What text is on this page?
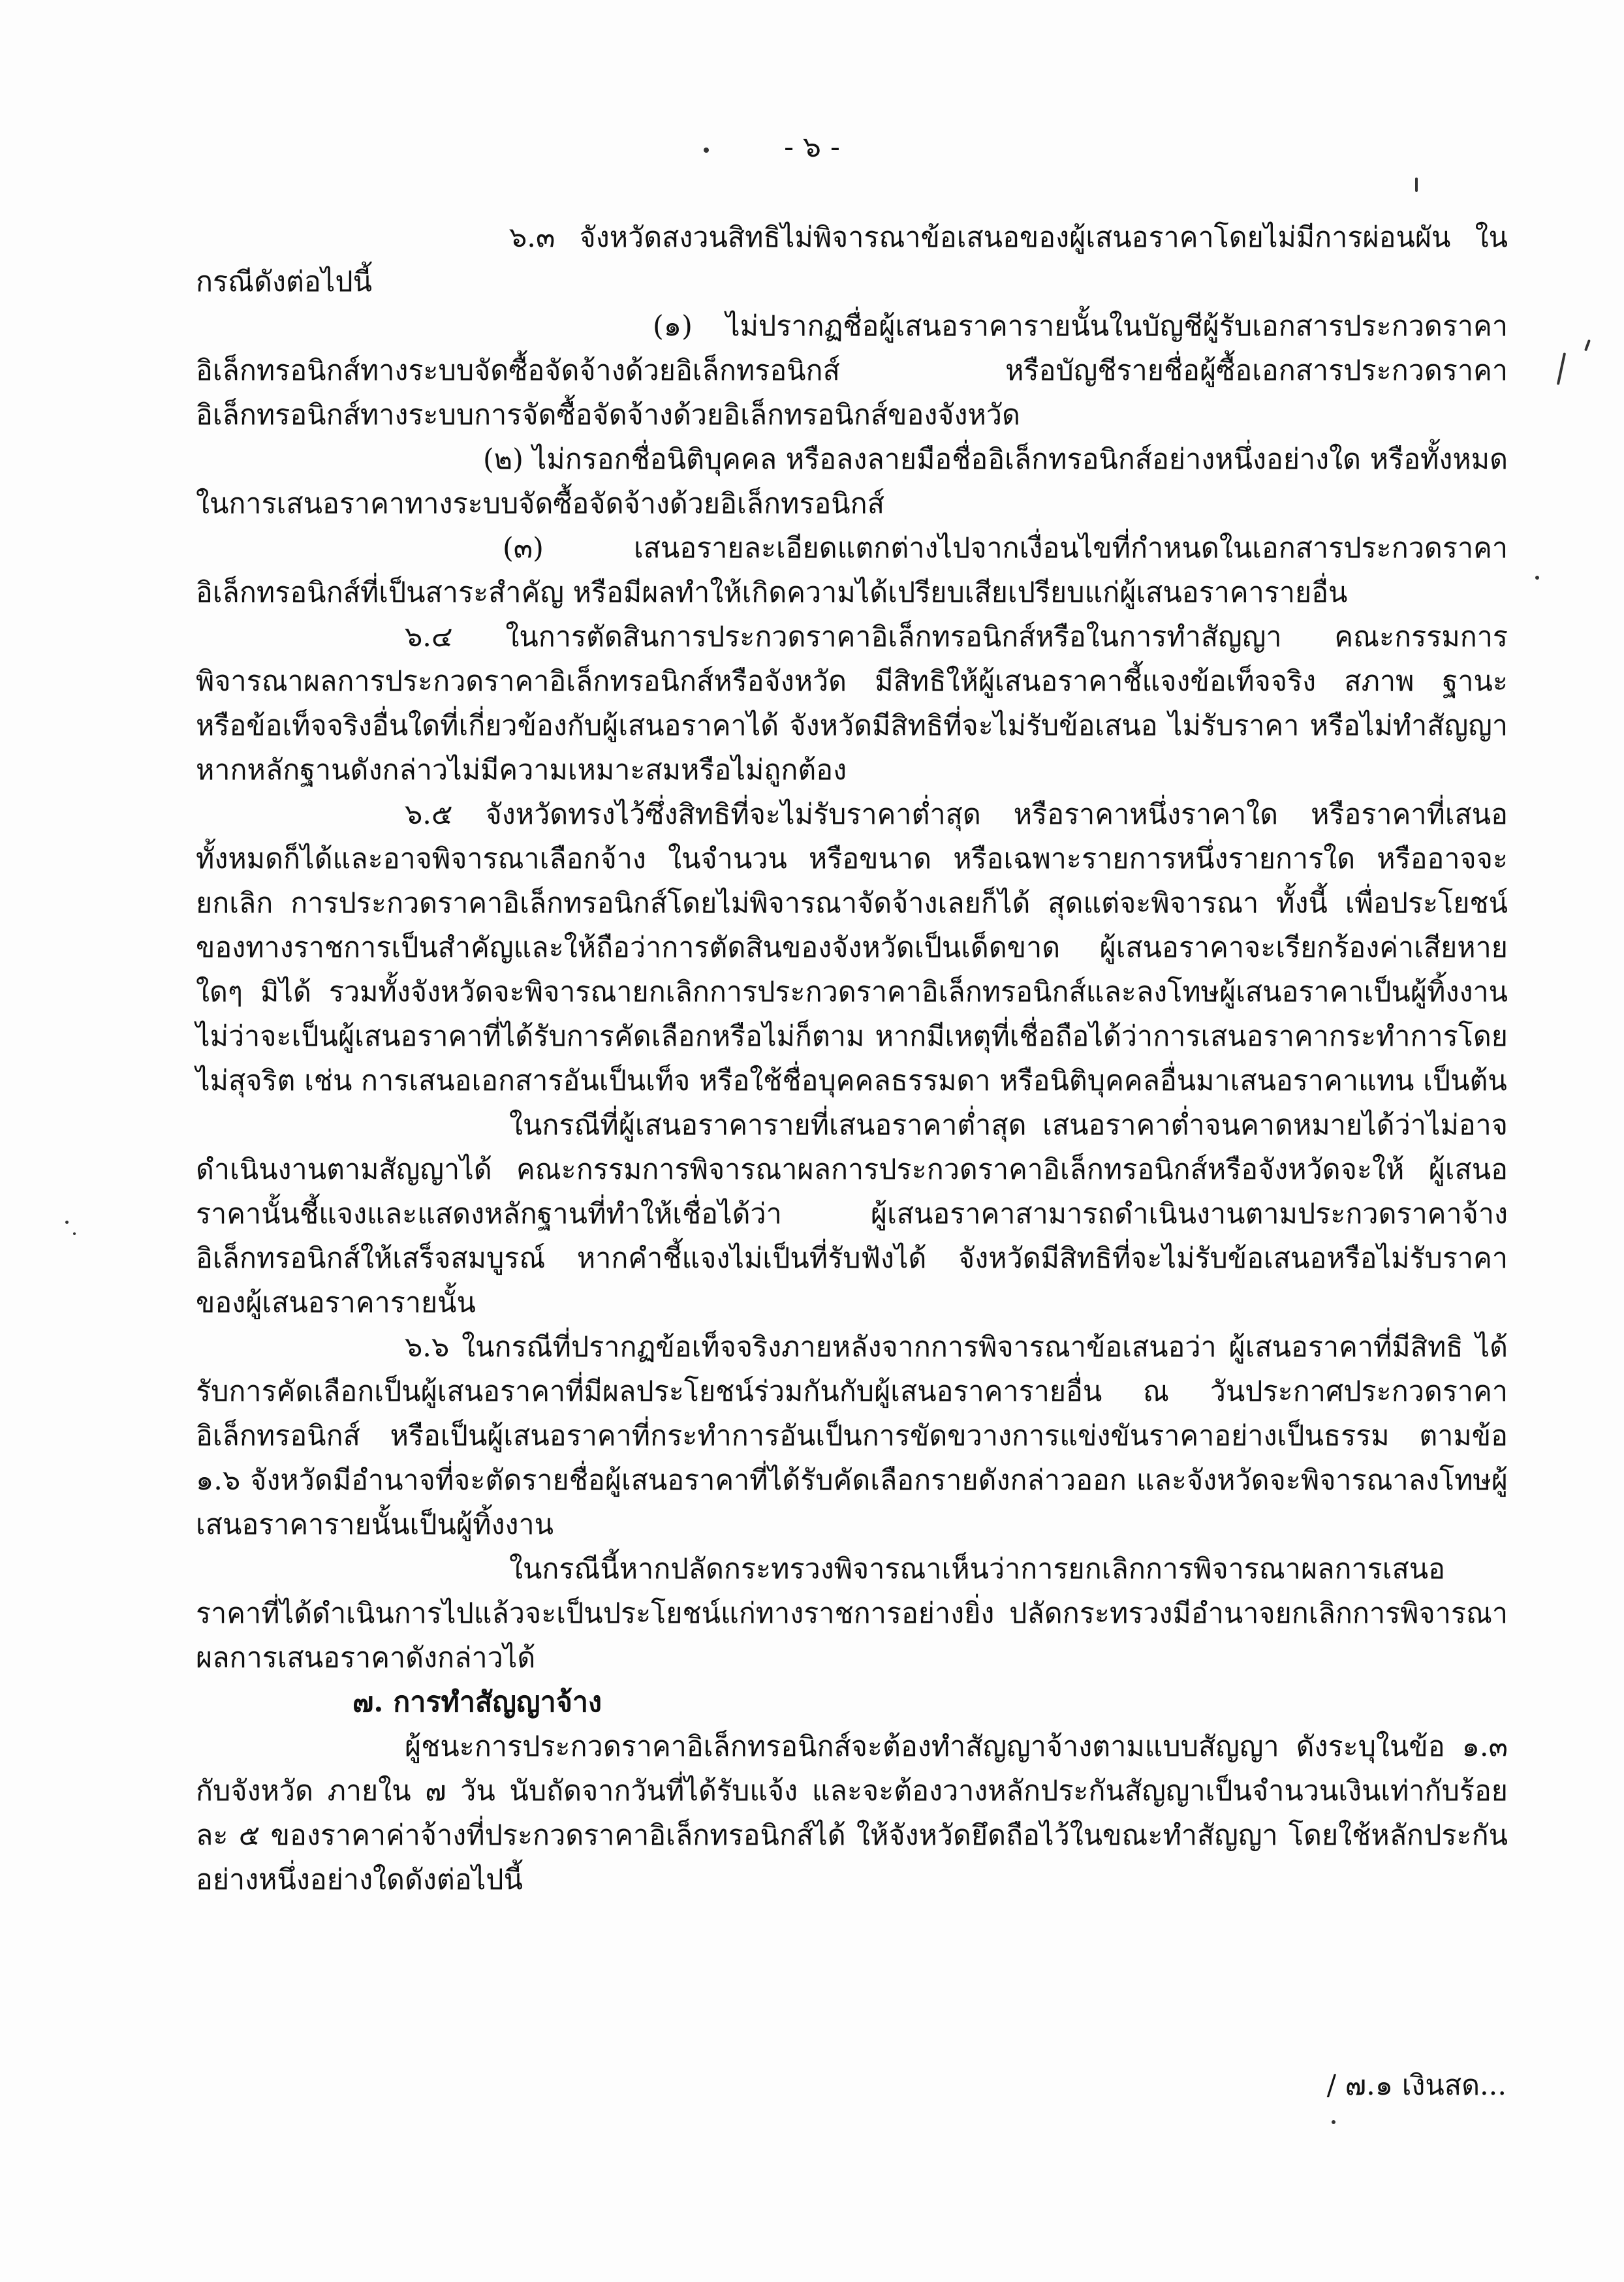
- ๖ -

๖.๓ จังหวัดสงวนสิทธิไม่พิจารณาข้อเสนอของผู้เสนอราคาโดยไม่มีการผ่อนผัน ในกรณีดังต่อไปนี้

(๑) ไม่ปรากฏชื่อผู้เสนอราคารายนั้นในบัญชีผู้รับเอกสารประกวดราคาอิเล็กทรอนิกส์ทางระบบจัดซื้อจัดจ้างด้วยอิเล็กทรอนิกส์ หรือบัญชีรายชื่อผู้ซื้อเอกสารประกวดราคาอิเล็กทรอนิกส์ทางระบบการจัดซื้อจัดจ้างด้วยอิเล็กทรอนิกส์ของจังหวัด

(๒) ไม่กรอกชื่อนิติบุคคล หรือลงลายมือชื่ออิเล็กทรอนิกส์อย่างหนึ่งอย่างใด หรือทั้งหมดในการเสนอราคาทางระบบจัดซื้อจัดจ้างด้วยอิเล็กทรอนิกส์

(๓) เสนอรายละเอียดแตกต่างไปจากเงื่อนไขที่กำหนดในเอกสารประกวดราคาอิเล็กทรอนิกส์ที่เป็นสาระสำคัญ หรือมีผลทำให้เกิดความได้เปรียบเสียเปรียบแก่ผู้เสนอราคารายอื่น

๖.๔ ในการตัดสินการประกวดราคาอิเล็กทรอนิกส์หรือในการทำสัญญา คณะกรรมการพิจารณาผลการประกวดราคาอิเล็กทรอนิกส์หรือจังหวัด มีสิทธิให้ผู้เสนอราคาชี้แจงข้อเท็จจริง สภาพ ฐานะ หรือข้อเท็จจริงอื่นใดที่เกี่ยวข้องกับผู้เสนอราคาได้ จังหวัดมีสิทธิที่จะไม่รับข้อเสนอ ไม่รับราคา หรือไม่ทำสัญญา หากหลักฐานดังกล่าวไม่มีความเหมาะสมหรือไม่ถูกต้อง

๖.๕ จังหวัดทรงไว้ซึ่งสิทธิที่จะไม่รับราคาต่ำสุด หรือราคาหนึ่งราคาใด หรือราคาที่เสนอทั้งหมดก็ได้และอาจพิจารณาเลือกจ้าง ในจำนวน หรือขนาด หรือเฉพาะรายการหนึ่งรายการใด หรืออาจจะยกเลิก การประกวดราคาอิเล็กทรอนิกส์โดยไม่พิจารณาจัดจ้างเลยก็ได้ สุดแต่จะพิจารณา ทั้งนี้ เพื่อประโยชน์ของทางราชการเป็นสำคัญและให้ถือว่าการตัดสินของจังหวัดเป็นเด็ดขาด ผู้เสนอราคาจะเรียกร้องค่าเสียหายใดๆ มิได้ รวมทั้งจังหวัดจะพิจารณายกเลิกการประกวดราคาอิเล็กทรอนิกส์และลงโทษผู้เสนอราคาเป็นผู้ทิ้งงาน ไม่ว่าจะเป็นผู้เสนอราคาที่ได้รับการคัดเลือกหรือไม่ก็ตาม หากมีเหตุที่เชื่อถือได้ว่าการเสนอราคากระทำการโดยไม่สุจริต เช่น การเสนอเอกสารอันเป็นเท็จ หรือใช้ชื่อบุคคลธรรมดา หรือนิติบุคคลอื่นมาเสนอราคาแทน เป็นต้น

ในกรณีที่ผู้เสนอราคารายที่เสนอราคาต่ำสุด เสนอราคาต่ำจนคาดหมายได้ว่าไม่อาจดำเนินงานตามสัญญาได้ คณะกรรมการพิจารณาผลการประกวดราคาอิเล็กทรอนิกส์หรือจังหวัดจะให้ ผู้เสนอราคานั้นชี้แจงและแสดงหลักฐานที่ทำให้เชื่อได้ว่า ผู้เสนอราคาสามารถดำเนินงานตามประกวดราคาจ้างอิเล็กทรอนิกส์ให้เสร็จสมบูรณ์ หากคำชี้แจงไม่เป็นที่รับฟังได้ จังหวัดมีสิทธิที่จะไม่รับข้อเสนอหรือไม่รับราคาของผู้เสนอราคารายนั้น

๖.๖ ในกรณีที่ปรากฏข้อเท็จจริงภายหลังจากการพิจารณาข้อเสนอว่า ผู้เสนอราคาที่มีสิทธิ ได้รับการคัดเลือกเป็นผู้เสนอราคาที่มีผลประโยชน์ร่วมกันกับผู้เสนอราคารายอื่น ณ วันประกาศประกวดราคาอิเล็กทรอนิกส์ หรือเป็นผู้เสนอราคาที่กระทำการอันเป็นการขัดขวางการแข่งขันราคาอย่างเป็นธรรม ตามข้อ ๑.๖ จังหวัดมีอำนาจที่จะตัดรายชื่อผู้เสนอราคาที่ได้รับคัดเลือกรายดังกล่าวออก และจังหวัดจะพิจารณาลงโทษผู้เสนอราคารายนั้นเป็นผู้ทิ้งงาน

ในกรณีนี้หากปลัดกระทรวงพิจารณาเห็นว่าการยกเลิกการพิจารณาผลการเสนอราคาที่ได้ดำเนินการไปแล้วจะเป็นประโยชน์แก่ทางราชการอย่างยิ่ง ปลัดกระทรวงมีอำนาจยกเลิกการพิจารณาผลการเสนอราคาดังกล่าวได้

๗. การทำสัญญาจ้าง

ผู้ชนะการประกวดราคาอิเล็กทรอนิกส์จะต้องทำสัญญาจ้างตามแบบสัญญา ดังระบุในข้อ ๑.๓ กับจังหวัด ภายใน ๗ วัน นับถัดจากวันที่ได้รับแจ้ง และจะต้องวางหลักประกันสัญญาเป็นจำนวนเงินเท่ากับร้อยละ ๕ ของราคาค่าจ้างที่ประกวดราคาอิเล็กทรอนิกส์ได้ ให้จังหวัดยึดถือไว้ในขณะทำสัญญา โดยใช้หลักประกันอย่างหนึ่งอย่างใดดังต่อไปนี้

/ ๗.๑ เงินสด...
